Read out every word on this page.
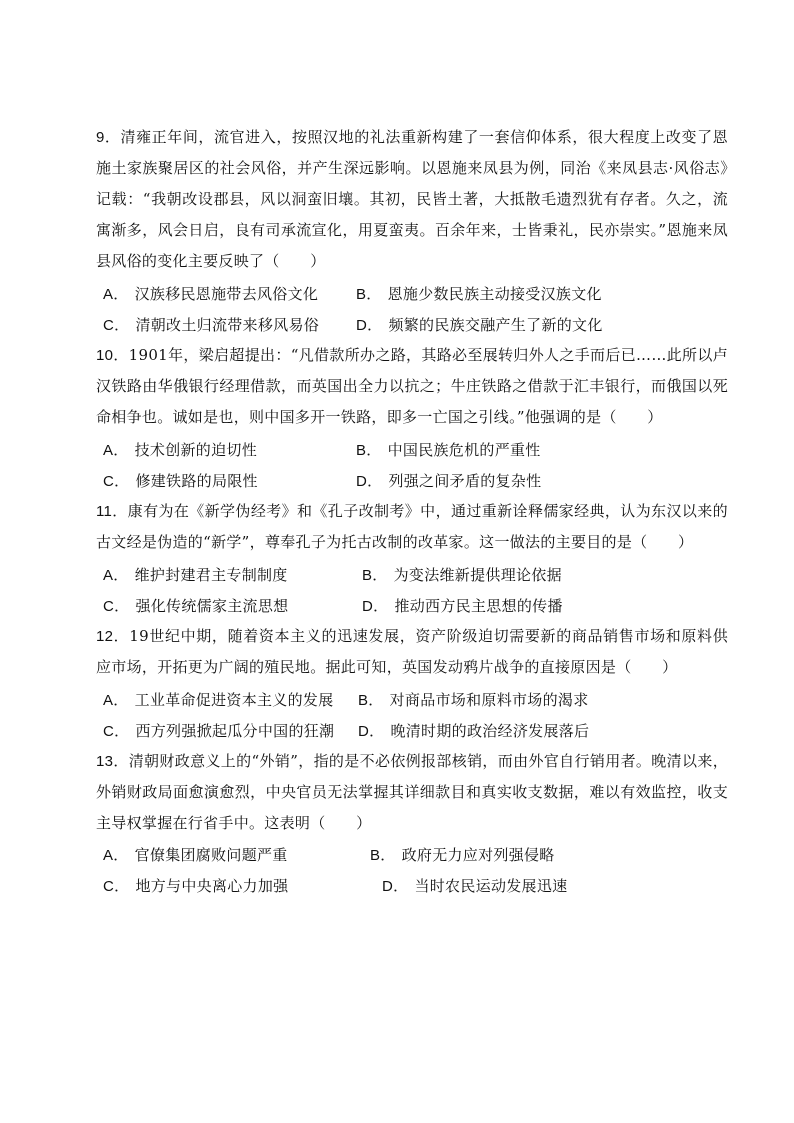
9．清雍正年间，流官进入，按照汉地的礼法重新构建了一套信仰体系，很大程度上改变了恩施土家族聚居区的社会风俗，并产生深远影响。以恩施来凤县为例，同治《来凤县志·风俗志》记载：“我朝改设郡县，风以洞蛮旧壤。其初，民皆土著，大抵散毛遗烈犹有存者。久之，流寓渐多，风会日启，良有司承流宣化，用夏蛮夷。百余年来，士皆秉礼，民亦崇实。”恩施来凤县风俗的变化主要反映了（　　）
A． 汉族移民恩施带去风俗文化	B． 恩施少数民族主动接受汉族文化
C． 清朝改土归流带来移风易俗 D． 频繁的民族交融产生了新的文化
10．1901年，梁启超提出：“凡借款所办之路，其路必至展转归外人之手而后已……此所以卢汉铁路由华俄银行经理借款，而英国出全力以抗之；牛庄铁路之借款于汇丰银行，而俄国以死命相争也。诚如是也，则中国多开一铁路，即多一亡国之引线。”他强调的是（　　）
A． 技术创新的迫切性	B． 中国民族危机的严重性
C． 修建铁路的局限性	D． 列强之间矛盾的复杂性
11．康有为在《新学伪经考》和《孔子改制考》中，通过重新诠释儒家经典，认为东汉以来的古文经是伪造的“新学”，尊奉孔子为托古改制的改革家。这一做法的主要目的是（　　）
A． 维护封建君主专制制度	B． 为变法维新提供理论依据
C． 强化传统儒家主流思想	D． 推动西方民主思想的传播
12．19世纪中期，随着资本主义的迅速发展，资产阶级迫切需要新的商品销售市场和原料供应市场，开拓更为广阔的殖民地。据此可知，英国发动鸦片战争的直接原因是（　　）
A． 工业革命促进资本主义的发展 B． 对商品市场和原料市场的渴求
C． 西方列强掀起瓜分中国的狂潮 D． 晚清时期的政治经济发展落后
13．清朝财政意义上的“外销”，指的是不必依例报部核销，而由外官自行销用者。晚清以来，外销财政局面愈演愈烈，中央官员无法掌握其详细款目和真实收支数据，难以有效监控，收支主导权掌握在行省手中。这表明（　　）
A． 官僚集团腐败问题严重	B． 政府无力应对列强侵略
C． 地方与中央离心力加强	D． 当时农民运动发展迅速
